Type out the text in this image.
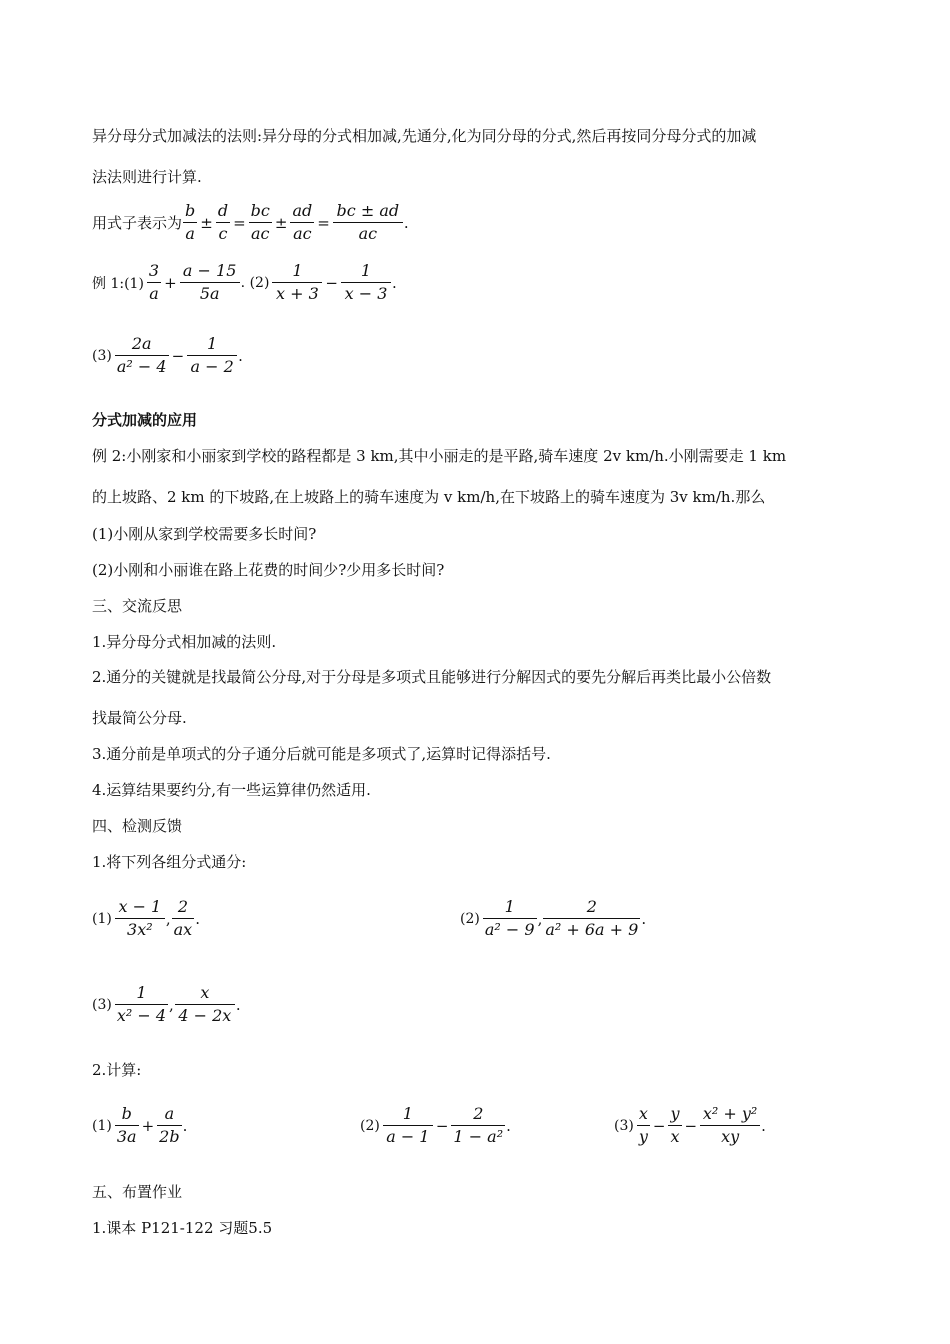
异分母分式加减法的法则:异分母的分式相加减,先通分,化为同分母的分式,然后再按同分母分式的加减
法法则进行计算.
用式子表示为 $\frac{b}{a} \pm \frac{d}{c} = \frac{bc}{ac} \pm \frac{ad}{ac} = \frac{bc \pm ad}{ac}$ .
例 1:(1) $\frac{3}{a} + \frac{a - 15}{5a}$ . $(2) \frac{1}{x + 3} - \frac{1}{x - 3}$ .
$(3) \frac{2a}{\text{a² − 4}} - \frac{1}{a - 2}$ .
分式加减的应用
例 2:小刚家和小丽家到学校的路程都是 3 km,其中小丽走的是平路,骑车速度 2v km/h.小刚需要走 1 km
的上坡路、2 km 的下坡路,在上坡路上的骑车速度为 v km/h,在下坡路上的骑车速度为 3v km/h.那么
(1)小刚从家到学校需要多长时间?
(2)小刚和小丽谁在路上花费的时间少?少用多长时间?
三、交流反思
1.异分母分式相加减的法则.
2.通分的关键就是找最简公分母,对于分母是多项式且能够进行分解因式的要先分解后再类比最小公倍数
找最简公分母.
3.通分前是单项式的分子通分后就可能是多项式了,运算时记得添括号.
4.运算结果要约分,有一些运算律仍然适用.
四、检测反馈
1.将下列各组分式通分:
$(1) \frac{x - 1}{\text{3x²}}$ , $\frac{2}{ax}$ .	$(2) \frac{1}{\text{a² − 9}}$ , $\frac{2}{\text{a² + 6a + 9}}$ .
$(3) \frac{1}{\text{x² − 4}}$ , $\frac{x}{4 - 2x}$ .
2.计算:
$(1) \frac{b}{3a} + \frac{a}{2b}$ .	$(2) \frac{1}{a - 1} - \frac{2}{\text{1 − a²}}$ .	$(3) \frac{x}{y} - \frac{y}{x} - \frac{\text{x² + y²}}{xy}$ .
五、布置作业
1.课本 P121-122 习题5.5
